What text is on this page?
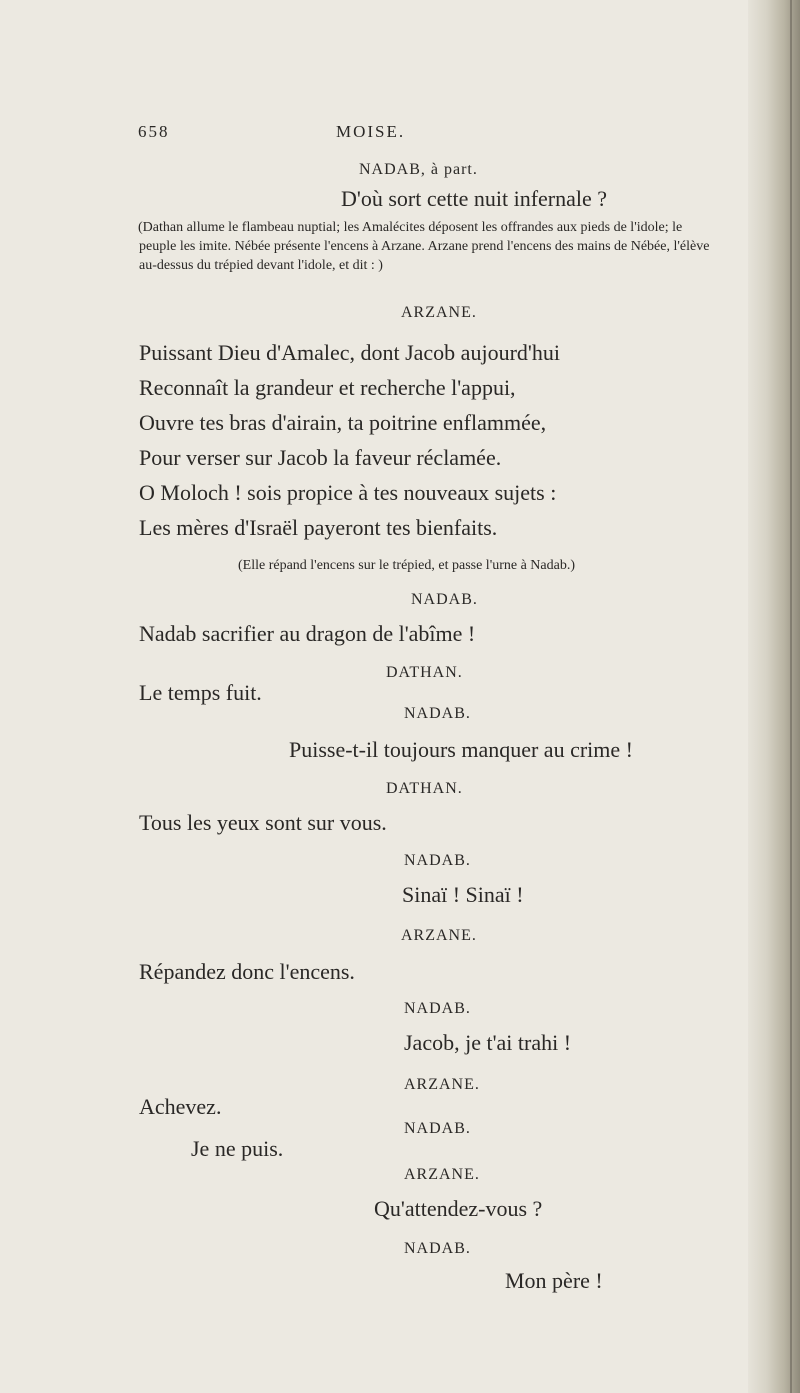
658	MOISE.
NADAB, à part.
D'où sort cette nuit infernale ?
(Dathan allume le flambeau nuptial; les Amalécites déposent les offrandes aux pieds de l'idole; le peuple les imite. Nébée présente l'encens à Arzane. Arzane prend l'encens des mains de Nébée, l'élève au-dessus du trépied devant l'idole, et dit : )
ARZANE.
Puissant Dieu d'Amalec, dont Jacob aujourd'hui
Reconnaît la grandeur et recherche l'appui,
Ouvre tes bras d'airain, ta poitrine enflammée,
Pour verser sur Jacob la faveur réclamée.
O Moloch ! sois propice à tes nouveaux sujets :
Les mères d'Israël payeront tes bienfaits.
(Elle répand l'encens sur le trépied, et passe l'urne à Nadab.)
NADAB.
Nadab sacrifier au dragon de l'abîme !
DATHAN.
Le temps fuit.
NADAB.
Puisse-t-il toujours manquer au crime !
DATHAN.
Tous les yeux sont sur vous.
NADAB.
Sinaï ! Sinaï !
ARZANE.
Répandez donc l'encens.
NADAB.
Jacob, je t'ai trahi !
ARZANE.
Achevez.
NADAB.
Je ne puis.
ARZANE.
Qu'attendez-vous ?
NADAB.
Mon père !
